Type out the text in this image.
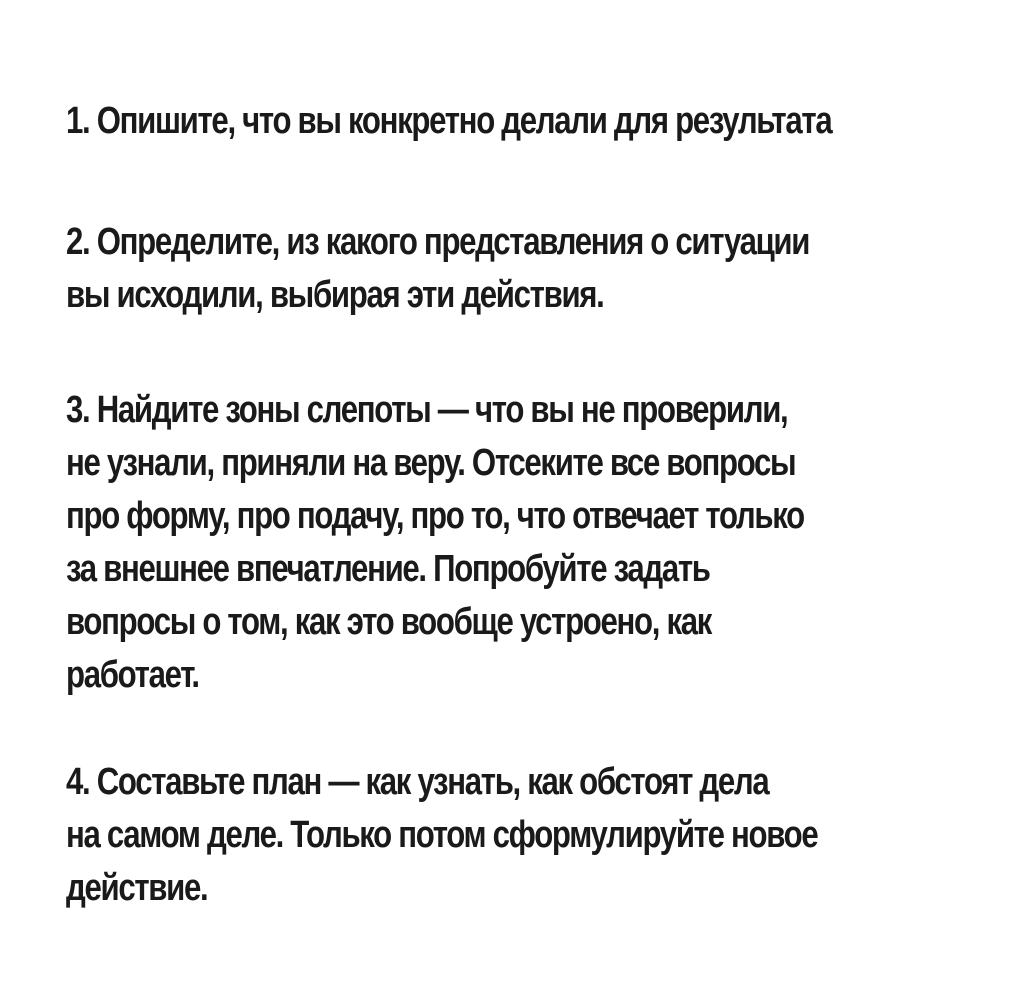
1. Опишите, что вы конкретно делали для результата

2. Определите, из какого представления о ситуации
вы исходили, выбирая эти действия.

3. Найдите зоны слепоты — что вы не проверили,
не узнали, приняли на веру. Отсеките все вопросы
про форму, про подачу, про то, что отвечает только
за внешнее впечатление. Попробуйте задать
вопросы о том, как это вообще устроено, как
работает.

4. Составьте план — как узнать, как обстоят дела
на самом деле. Только потом сформулируйте новое
действие.
